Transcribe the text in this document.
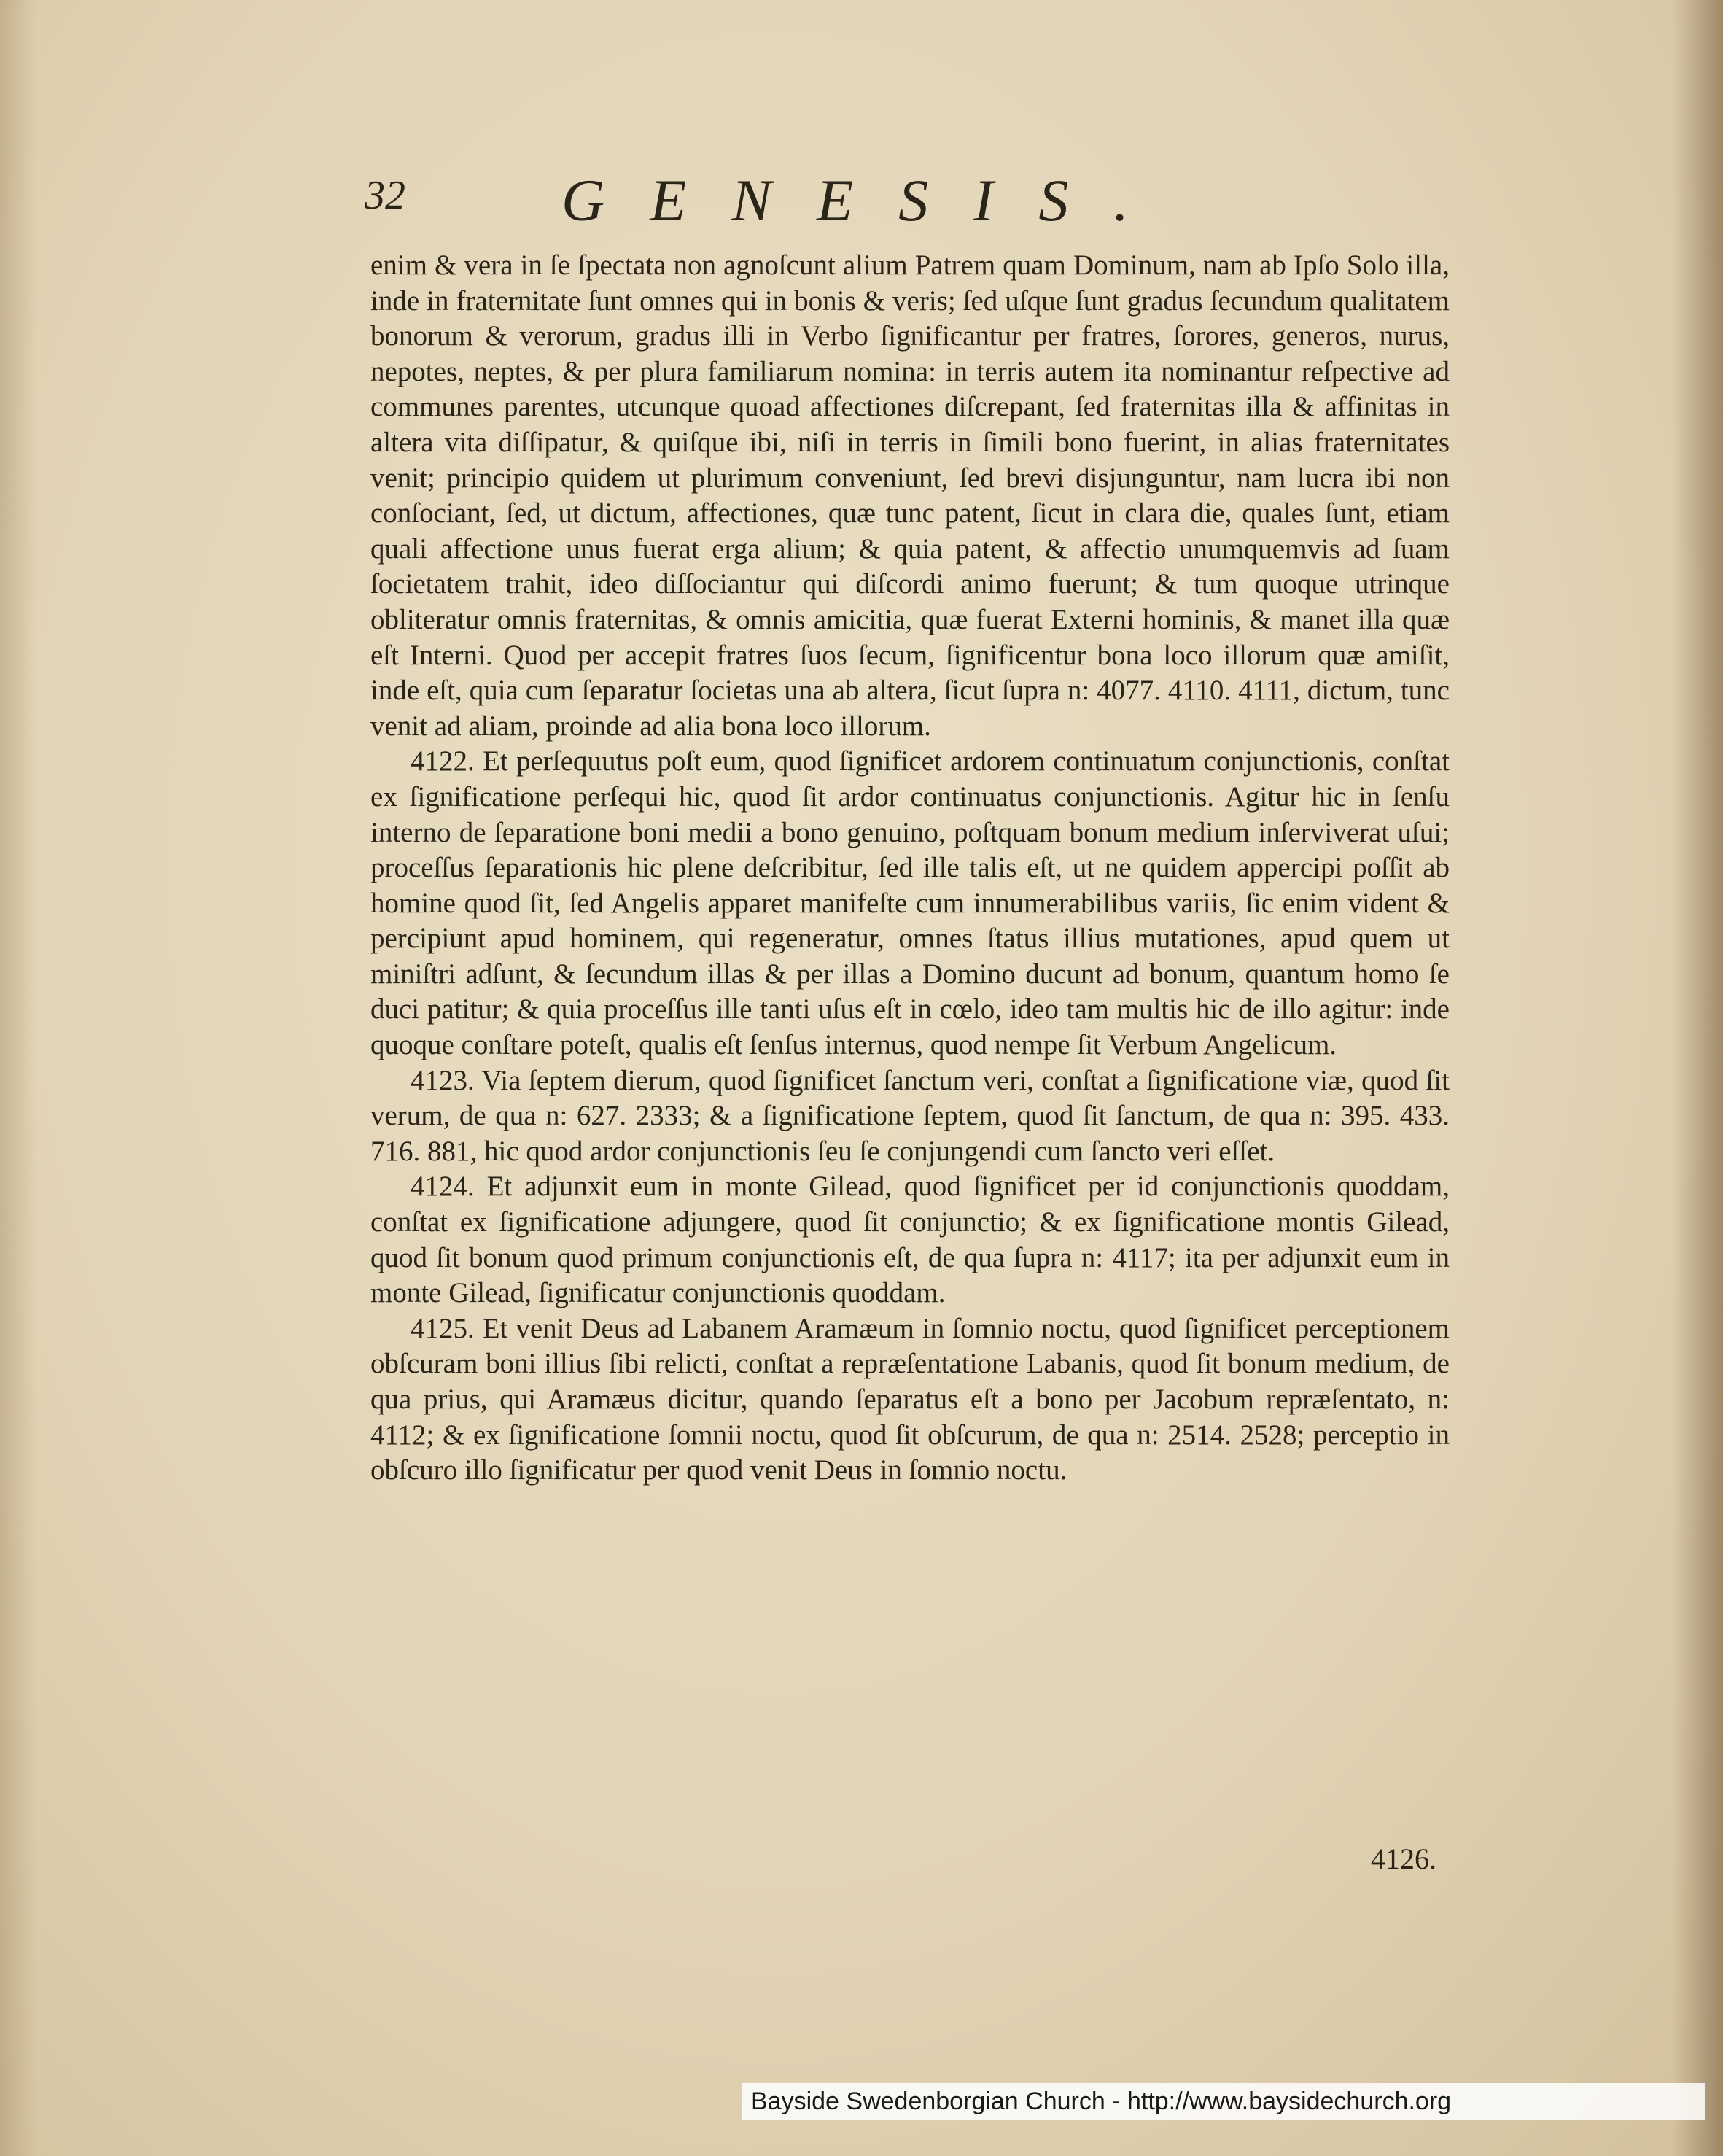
32	GENESIS.

enim & vera in ſe ſpectata non agnoſcunt alium Patrem quam Dominum, nam ab Ipſo Solo illa, inde in fraternitate ſunt omnes qui in bonis & veris; ſed uſque ſunt gradus ſecundum qualitatem bonorum & verorum, gradus illi in Verbo ſignificantur per fratres, ſorores, generos, nurus, nepotes, neptes, & per plura familiarum nomina: in terris autem ita nominantur reſpective ad communes parentes, utcunque quoad affectiones diſcrepant, ſed fraternitas illa & affinitas in altera vita diſſipatur, & quiſque ibi, niſi in terris in ſimili bono fuerint, in alias fraternitates venit; principio quidem ut plurimum conveniunt, ſed brevi disjunguntur, nam lucra ibi non conſociant, ſed, ut dictum, affectiones, quæ tunc patent, ſicut in clara die, quales ſunt, etiam quali affectione unus fuerat erga alium; & quia patent, & affectio unumquemvis ad ſuam ſocietatem trahit, ideo diſſociantur qui diſcordi animo fuerunt; & tum quoque utrinque obliteratur omnis fraternitas, & omnis amicitia, quæ fuerat Externi hominis, & manet illa quæ eſt Interni. Quod per accepit fratres ſuos ſecum, ſignificentur bona loco illorum quæ amiſit, inde eſt, quia cum ſeparatur ſocietas una ab altera, ſicut ſupra n: 4077. 4110. 4111, dictum, tunc venit ad aliam, proinde ad alia bona loco illorum.

4122. Et perſequutus poſt eum, quod ſignificet ardorem continuatum conjunctionis, conſtat ex ſignificatione perſequi hic, quod ſit ardor continuatus conjunctionis. Agitur hic in ſenſu interno de ſeparatione boni medii a bono genuino, poſtquam bonum medium inſerviverat uſui; proceſſus ſeparationis hic plene deſcribitur, ſed ille talis eſt, ut ne quidem appercipi poſſit ab homine quod ſit, ſed Angelis apparet manifeſte cum innumerabilibus variis, ſic enim vident & percipiunt apud hominem, qui regeneratur, omnes ſtatus illius mutationes, apud quem ut miniſtri adſunt, & ſecundum illas & per illas a Domino ducunt ad bonum, quantum homo ſe duci patitur; & quia proceſſus ille tanti uſus eſt in cœlo, ideo tam multis hic de illo agitur: inde quoque conſtare poteſt, qualis eſt ſenſus internus, quod nempe ſit Verbum Angelicum.

4123. Via ſeptem dierum, quod ſignificet ſanctum veri, conſtat a ſignificatione viæ, quod ſit verum, de qua n: 627. 2333; & a ſignificatione ſeptem, quod ſit ſanctum, de qua n: 395. 433. 716. 881, hic quod ardor conjunctionis ſeu ſe conjungendi cum ſancto veri eſſet.

4124. Et adjunxit eum in monte Gilead, quod ſignificet per id conjunctionis quoddam, conſtat ex ſignificatione adjungere, quod ſit conjunctio; & ex ſignificatione montis Gilead, quod ſit bonum quod primum conjunctionis eſt, de qua ſupra n: 4117; ita per adjunxit eum in monte Gilead, ſignificatur conjunctionis quoddam.

4125. Et venit Deus ad Labanem Aramæum in ſomnio noctu, quod ſignificet perceptionem obſcuram boni illius ſibi relicti, conſtat a repræſentatione Labanis, quod ſit bonum medium, de qua prius, qui Aramæus dicitur, quando ſeparatus eſt a bono per Jacobum repræſentato, n: 4112; & ex ſignificatione ſomnii noctu, quod ſit obſcurum, de qua n: 2514. 2528; perceptio in obſcuro illo ſignificatur per quod venit Deus in ſomnio noctu.

4126.
Bayside Swedenborgian Church - http://www.baysidechurch.org
